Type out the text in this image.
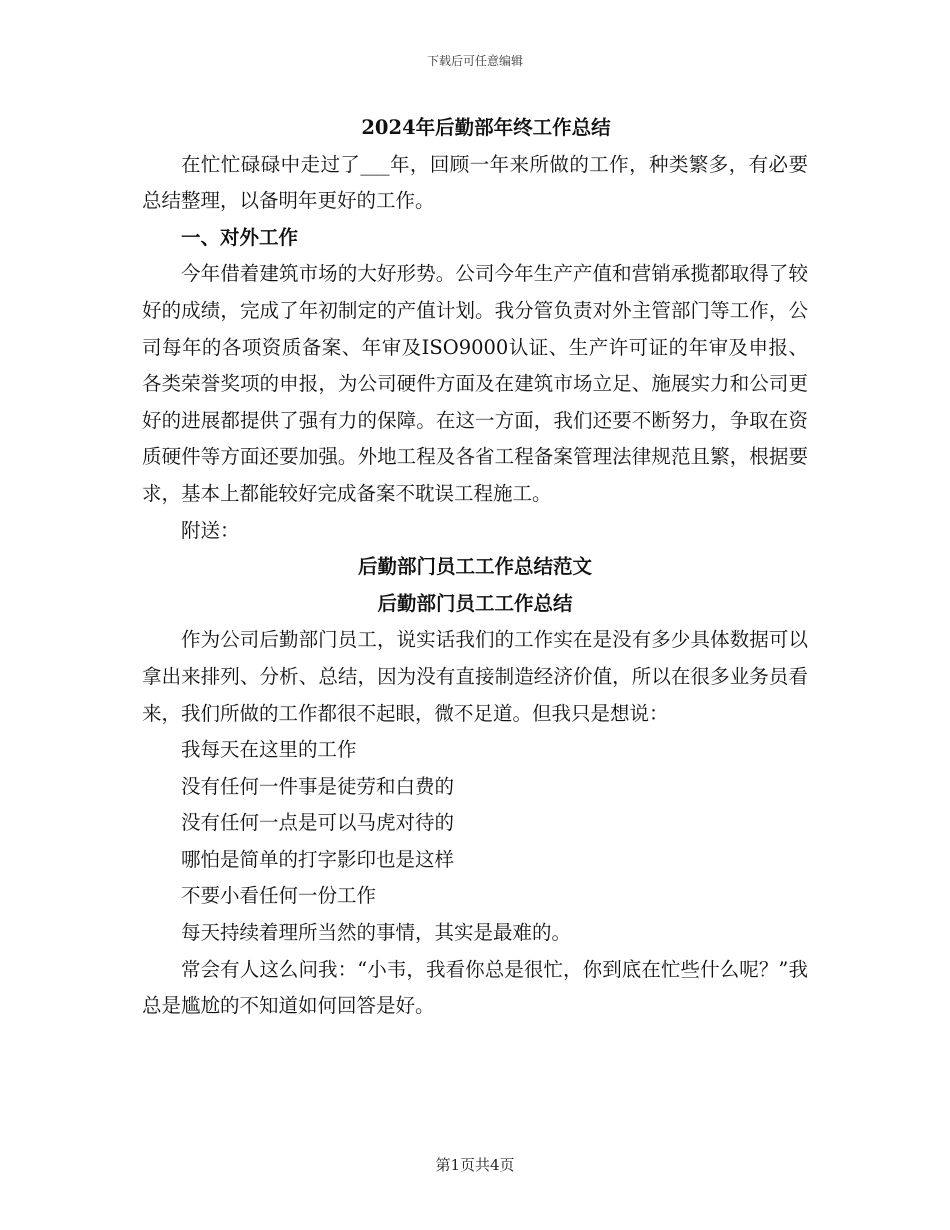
下载后可任意编辑
2024年后勤部年终工作总结

在忙忙碌碌中走过了___年，回顾一年来所做的工作，种类繁多，有必要总结整理，以备明年更好的工作。

一、对外工作

今年借着建筑市场的大好形势。公司今年生产产值和营销承揽都取得了较好的成绩，完成了年初制定的产值计划。我分管负责对外主管部门等工作，公司每年的各项资质备案、年审及ISO9000认证、生产许可证的年审及申报、各类荣誉奖项的申报，为公司硬件方面及在建筑市场立足、施展实力和公司更好的进展都提供了强有力的保障。在这一方面，我们还要不断努力，争取在资质硬件等方面还要加强。外地工程及各省工程备案管理法律规范且繁，根据要求，基本上都能较好完成备案不耽误工程施工。

附送：

后勤部门员工工作总结范文
后勤部门员工工作总结

作为公司后勤部门员工，说实话我们的工作实在是没有多少具体数据可以拿出来排列、分析、总结，因为没有直接制造经济价值，所以在很多业务员看来，我们所做的工作都很不起眼，微不足道。但我只是想说：

我每天在这里的工作
没有任何一件事是徒劳和白费的
没有任何一点是可以马虎对待的
哪怕是简单的打字影印也是这样
不要小看任何一份工作
每天持续着理所当然的事情，其实是最难的。

常会有人这么问我：“小韦，我看你总是很忙，你到底在忙些什么呢？”我总是尴尬的不知道如何回答是好。

第1页共4页
